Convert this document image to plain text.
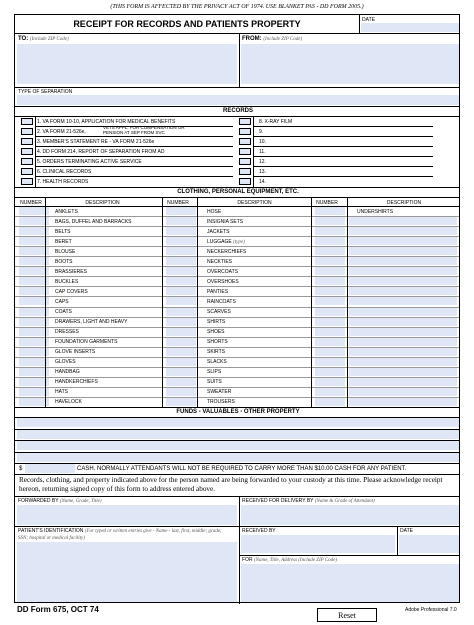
(THIS FORM IS AFFECTED BY THE PRIVACY ACT OF 1974. USE BLANKET PAS - DD FORM 2005.)
RECEIPT FOR RECORDS AND PATIENTS PROPERTY	DATE
TO: (Include ZIP Code)	FROM: (Include ZIP Code)
TYPE OF SEPARATION
RECORDS
1. VA FORM 10-10, APPLICATION FOR MEDICAL BENEFITS	8. X-RAY FILM
2. VA FORM 21-526e,	9.
3. MEMBER'S STATEMENT RE - VA FORM 21-526e	10.
4. DD FORM 214, REPORT OF SEPARATION FROM AD	11.
5. ORDERS TERMINATING ACTIVE SERVICE	12.
6. CLINICAL RECORDS	13.
7. HEALTH RECORDS	14.
VETS APPL. FOR COMPENSATION OR PENSION AT SEP FROM SVC
CLOTHING, PERSONAL EQUIPMENT, ETC.
NUMBER	DESCRIPTION	NUMBER	DESCRIPTION	NUMBER	DESCRIPTION
ANKLETS	HOSE	UNDERSHIRTS
BAGS, DUFFEL AND BARRACKS	INSIGNIA SETS
BELTS	JACKETS
BERET	LUGGAGE (type)
BLOUSE	NECKERCHIEFS
BOOTS	NECKTIES
BRASSIERES	OVERCOATS
BUCKLES	OVERSHOES
CAP COVERS	PANTIES
CAPS	RAINCOATS
COATS	SCARVES
DRAWERS, LIGHT AND HEAVY	SHIRTS
DRESSES	SHOES
FOUNDATION GARMENTS	SHORTS
GLOVE INSERTS	SKIRTS
GLOVES	SLACKS
HANDBAG	SLIPS
HANDKERCHIEFS	SUITS
HATS	SWEATER
HAVELOCK	TROUSERS
FUNDS - VALUABLES - OTHER PROPERTY
$	CASH. NORMALLY ATTENDANTS WILL NOT BE REQUIRED TO CARRY MORE THAN $10.00 CASH FOR ANY PATIENT.
Records, clothing, and property indicated above for the person named are being forwarded to your custody at this time. Please acknowledge receipt hereon, returning signed copy of this form to address entered above.
FORWARDED BY (Name, Grade, Title)	RECEIVED FOR DELIVERY BY (Name & Grade of Attendant)
PATIENT'S IDENTIFICATION (For typed or written entries give - Name - last, first, middle; grade; SSN; hospital or medical facility)
RECEIVED BY	DATE
FOR (Name, Title, Address (Include ZIP Code)
DD Form 675, OCT 74
Reset
Adobe Professional 7.0
